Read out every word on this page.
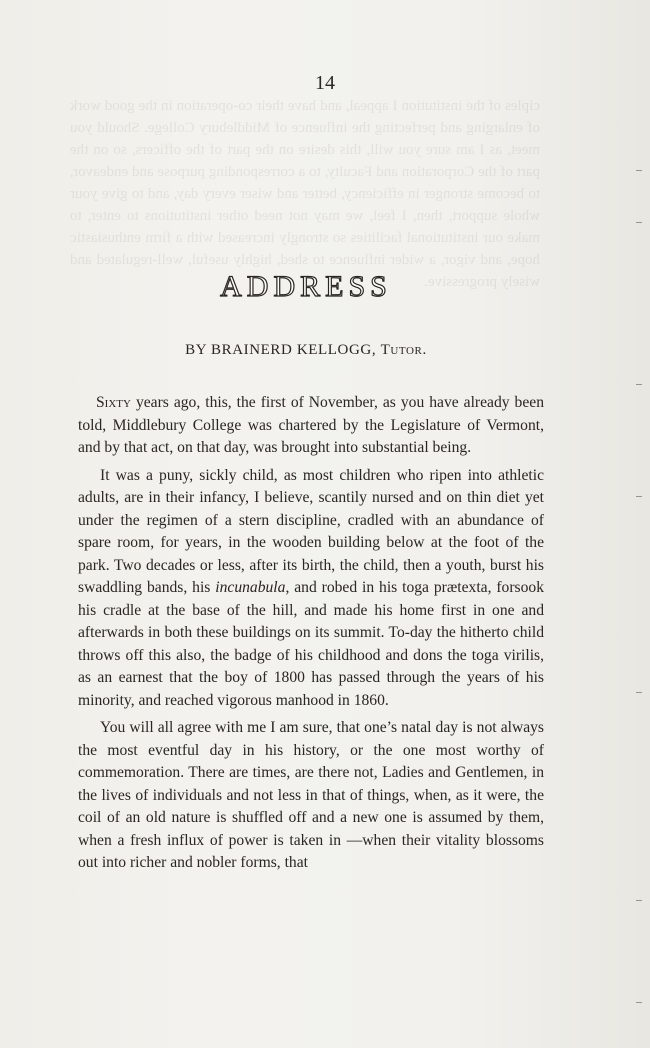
ciples of the institution I appeal, and have their co-operation in the good work of enlarging and perfecting the influence of Middlebury College. Should you meet, as I am sure you will, this desire on the part of the officers, so on the part of the Corporation and Faculty, to a corresponding purpose and endeavor, to become stronger in efficiency, better and wiser every day, and to give your whole support, then, I feel, we may not need other institutions to enter, to make our institutional facilities so strongly increased with a firm enthusiastic hope, and vigor, a wider influence to shed, highly useful, well-regulated and wisely progressive.
14
ADDRESS
BY BRAINERD KELLOGG, Tutor.

Sixty years ago, this, the first of November, as you have already been told, Middlebury College was chartered by the Legislature of Vermont, and by that act, on that day, was brought into substantial being.

It was a puny, sickly child, as most children who ripen into athletic adults, are in their infancy, I believe, scantily nursed and on thin diet yet under the regimen of a stern discipline, cradled with an abundance of spare room, for years, in the wooden building below at the foot of the park. Two decades or less, after its birth, the child, then a youth, burst his swaddling bands, his incunabula, and robed in his toga prætexta, forsook his cradle at the base of the hill, and made his home first in one and afterwards in both these buildings on its summit. To-day the hitherto child throws off this also, the badge of his childhood and dons the toga virilis, as an earnest that the boy of 1800 has passed through the years of his minority, and reached vigorous manhood in 1860.

You will all agree with me I am sure, that one’s natal day is not always the most eventful day in his history, or the one most worthy of commemoration. There are times, are there not, Ladies and Gentlemen, in the lives of individuals and not less in that of things, when, as it were, the coil of an old nature is shuffled off and a new one is assumed by them, when a fresh influx of power is taken in —when their vitality blossoms out into richer and nobler forms, that
